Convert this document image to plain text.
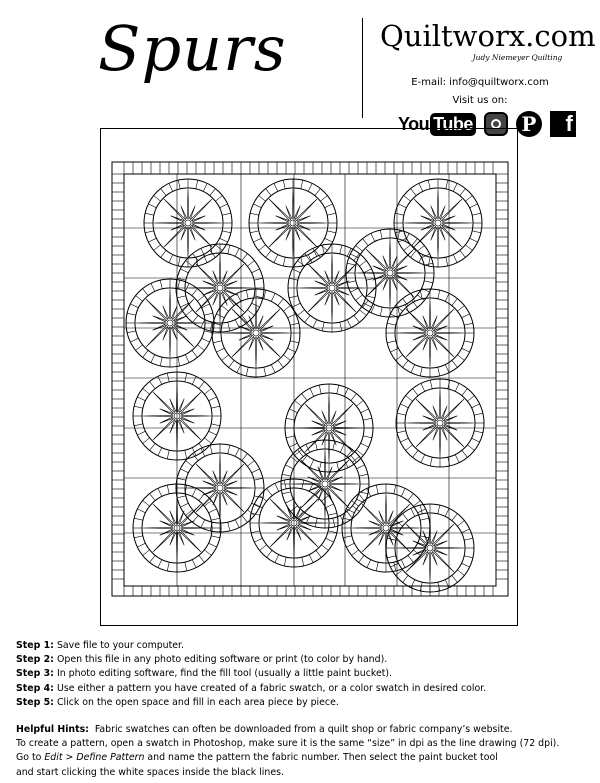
Spurs	Quiltworx.com
Judy Niemeyer Quilting
E-mail: info@quiltworx.com
Visit us on:
You Tube P	f
Step 1: Save file to your computer.
Step 2: Open this file in any photo editing software or print (to color by hand).
Step 3: In photo editing software, find the fill tool (usually a little paint bucket).
Step 4: Use either a pattern you have created of a fabric swatch, or a color swatch in desired color.
Step 5: Click on the open space and fill in each area piece by piece.
Helpful Hints: Fabric swatches can often be downloaded from a quilt shop or fabric company’s website.
To create a pattern, open a swatch in Photoshop, make sure it is the same “size” in dpi as the line drawing (72 dpi).
Go to Edit > Define Pattern and name the pattern the fabric number. Then select the paint bucket tool
and start clicking the white spaces inside the black lines.
